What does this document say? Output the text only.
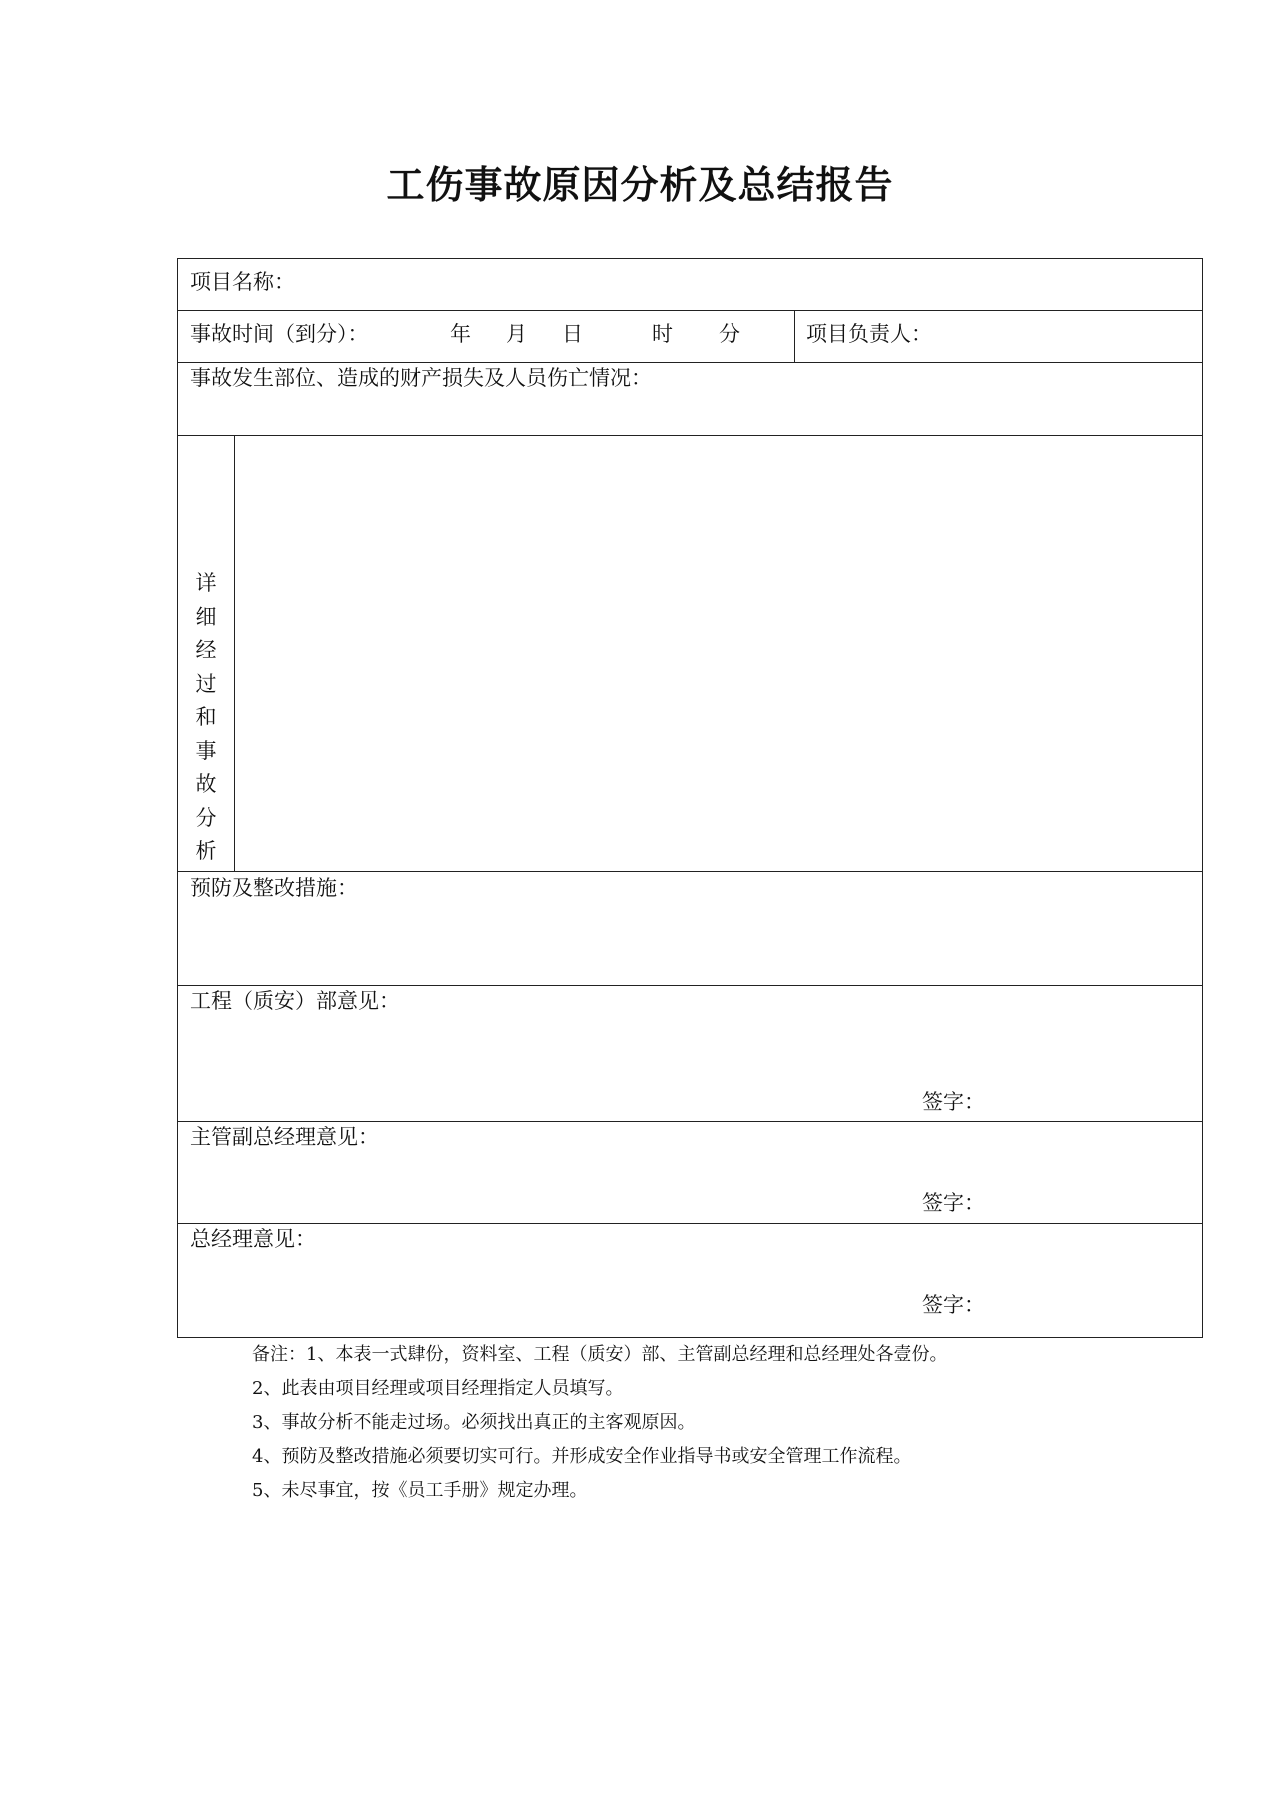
工伤事故原因分析及总结报告
项目名称：
事故时间（到分）：	年 月 日	时 分	项目负责人：
事故发生部位、造成的财产损失及人员伤亡情况：
详
细
经
过
和
事
故
分
析
预防及整改措施：
工程（质安）部意见：
签字：
主管副总经理意见：
签字：
总经理意见：
签字：
备注：1、本表一式肆份，资料室、工程（质安）部、主管副总经理和总经理处各壹份。
2、此表由项目经理或项目经理指定人员填写。
3、事故分析不能走过场。必须找出真正的主客观原因。
4、预防及整改措施必须要切实可行。并形成安全作业指导书或安全管理工作流程。
5、未尽事宜，按《员工手册》规定办理。
